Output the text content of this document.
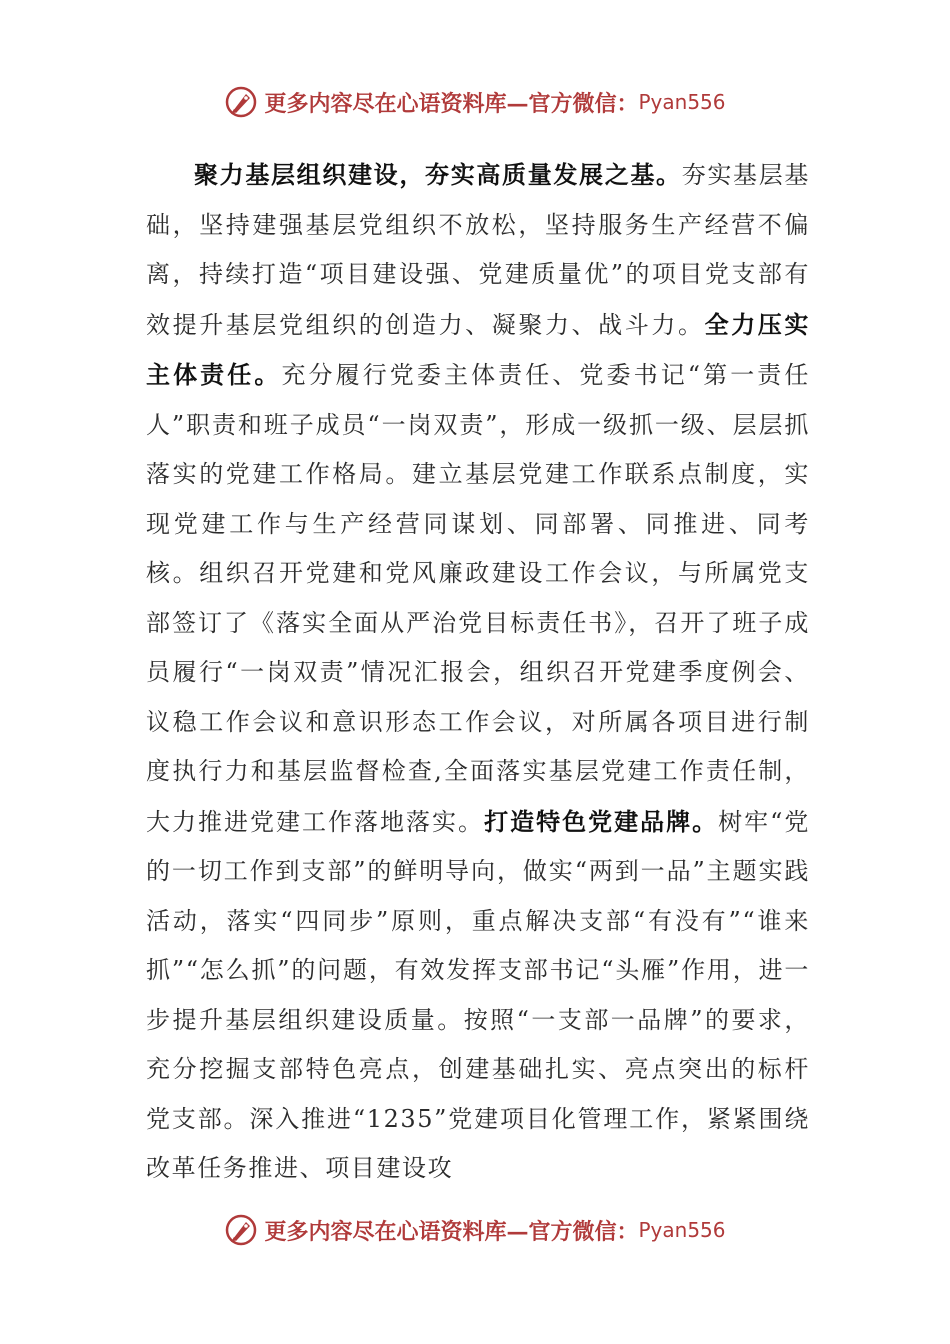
更多内容尽在心语资料库—官方微信： Pyan556

聚力基层组织建设，夯实高质量发展之基。夯实基层基础，坚持建强基层党组织不放松，坚持服务生产经营不偏离，持续打造“项目建设强、党建质量优”的项目党支部有效提升基层党组织的创造力、凝聚力、战斗力。全力压实主体责任。充分履行党委主体责任、党委书记“第一责任人”职责和班子成员“一岗双责”，形成一级抓一级、层层抓落实的党建工作格局。建立基层党建工作联系点制度，实现党建工作与生产经营同谋划、同部署、同推进、同考核。组织召开党建和党风廉政建设工作会议，与所属党支部签订了《落实全面从严治党目标责任书》，召开了班子成员履行“一岗双责”情况汇报会，组织召开党建季度例会、议稳工作会议和意识形态工作会议，对所属各项目进行制度执行力和基层监督检查,全面落实基层党建工作责任制，大力推进党建工作落地落实。打造特色党建品牌。树牢“党的一切工作到支部”的鲜明导向，做实“两到一品”主题实践活动，落实“四同步”原则，重点解决支部“有没有”“谁来抓”“怎么抓”的问题，有效发挥支部书记“头雁”作用，进一步提升基层组织建设质量。按照“一支部一品牌”的要求，充分挖掘支部特色亮点，创建基础扎实、亮点突出的标杆党支部。深入推进“1235”党建项目化管理工作，紧紧围绕改革任务推进、项目建设攻

更多内容尽在心语资料库—官方微信： Pyan556
